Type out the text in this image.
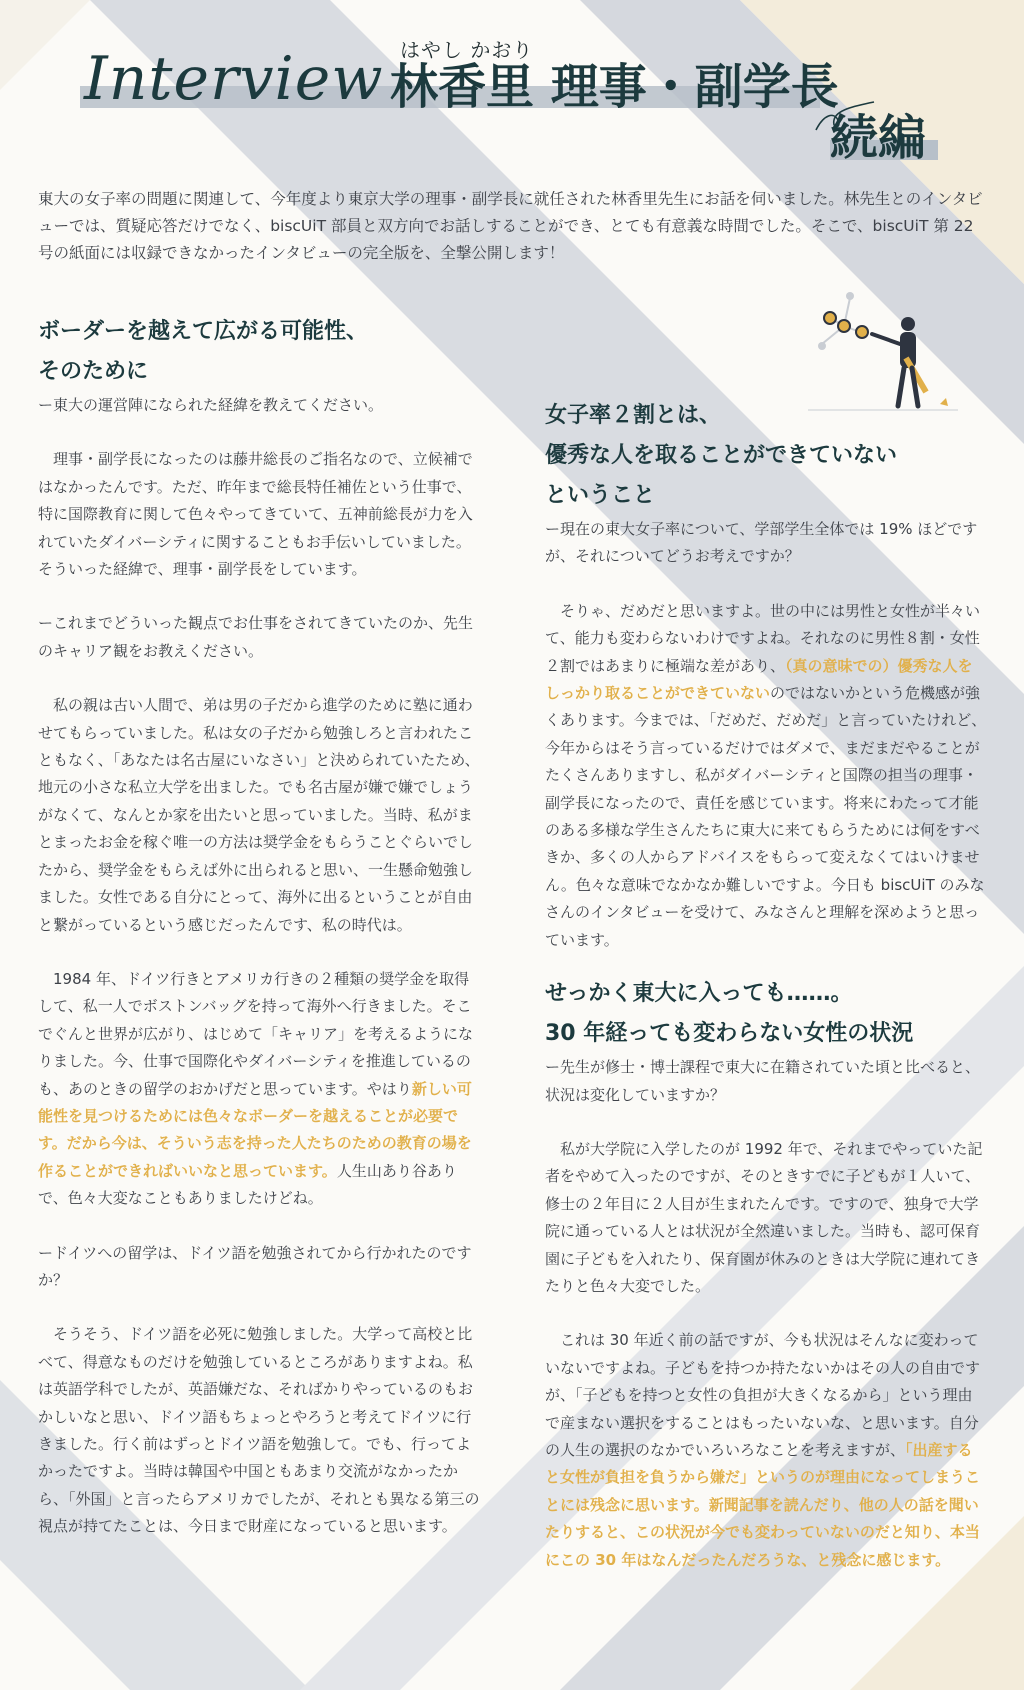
Interview はやし かおり
林香里 理事・副学長
続編
東大の女子率の問題に関連して、今年度より東京大学の理事・副学長に就任された林香里先生にお話を伺いました。林先生とのインタビューでは、質疑応答だけでなく、biscUiT 部員と双方向でお話しすることができ、とても有意義な時間でした。そこで、biscUiT 第 22号の紙面には収録できなかったインタビューの完全版を、全撃公開します！

ボーダーを越えて広がる可能性、

そのために

ー東大の運営陣になられた経緯を教えてください。

理事・副学長になったのは藤井総長のご指名なので、立候補ではなかったんです。ただ、昨年まで総長特任補佐という仕事で、特に国際教育に関して色々やってきていて、五神前総長が力を入れていたダイバーシティに関することもお手伝いしていました。そういった経緯で、理事・副学長をしています。

ーこれまでどういった観点でお仕事をされてきていたのか、先生のキャリア観をお教えください。

私の親は古い人間で、弟は男の子だから進学のために塾に通わせてもらっていました。私は女の子だから勉強しろと言われたこともなく、「あなたは名古屋にいなさい」と決められていたため、地元の小さな私立大学を出ました。でも名古屋が嫌で嫌でしょうがなくて、なんとか家を出たいと思っていました。当時、私がまとまったお金を稼ぐ唯一の方法は奨学金をもらうことぐらいでしたから、奨学金をもらえば外に出られると思い、一生懸命勉強しました。女性である自分にとって、海外に出るということが自由と繋がっているという感じだったんです、私の時代は。

1984 年、ドイツ行きとアメリカ行きの２種類の奨学金を取得して、私一人でボストンバッグを持って海外へ行きました。そこでぐんと世界が広がり、はじめて「キャリア」を考えるようになりました。今、仕事で国際化やダイバーシティを推進しているのも、あのときの留学のおかげだと思っています。やはり新しい可能性を見つけるためには色々なボーダーを越えることが必要です。だから今は、そういう志を持った人たちのための教育の場を作ることができればいいなと思っています。人生山あり谷ありで、色々大変なこともありましたけどね。

ードイツへの留学は、ドイツ語を勉強されてから行かれたのですか？

そうそう、ドイツ語を必死に勉強しました。大学って高校と比べて、得意なものだけを勉強しているところがありますよね。私は英語学科でしたが、英語嫌だな、そればかりやっているのもおかしいなと思い、ドイツ語もちょっとやろうと考えてドイツに行きました。行く前はずっとドイツ語を勉強して。でも、行ってよかったですよ。当時は韓国や中国ともあまり交流がなかったから、「外国」と言ったらアメリカでしたが、それとも異なる第三の視点が持てたことは、今日まで財産になっていると思います。

女子率２割とは、

優秀な人を取ることができていない

ということ

ー現在の東大女子率について、学部学生全体では 19% ほどですが、それについてどうお考えですか？

そりゃ、だめだと思いますよ。世の中には男性と女性が半々いて、能力も変わらないわけですよね。それなのに男性８割・女性２割ではあまりに極端な差があり、（真の意味での）優秀な人をしっかり取ることができていないのではないかという危機感が強くあります。今までは、「だめだ、だめだ」と言っていたけれど、今年からはそう言っているだけではダメで、まだまだやることがたくさんありますし、私がダイバーシティと国際の担当の理事・副学長になったので、責任を感じています。将来にわたって才能のある多様な学生さんたちに東大に来てもらうためには何をすべきか、多くの人からアドバイスをもらって変えなくてはいけません。色々な意味でなかなか難しいですよ。今日も biscUiT のみなさんのインタビューを受けて、みなさんと理解を深めようと思っています。

せっかく東大に入っても……。

30 年経っても変わらない女性の状況

ー先生が修士・博士課程で東大に在籍されていた頃と比べると、状況は変化していますか？

私が大学院に入学したのが 1992 年で、それまでやっていた記者をやめて入ったのですが、そのときすでに子どもが１人いて、修士の２年目に２人目が生まれたんです。ですので、独身で大学院に通っている人とは状況が全然違いました。当時も、認可保育園に子どもを入れたり、保育園が休みのときは大学院に連れてきたりと色々大変でした。

これは 30 年近く前の話ですが、今も状況はそんなに変わっていないですよね。子どもを持つか持たないかはその人の自由ですが、「子どもを持つと女性の負担が大きくなるから」という理由で産まない選択をすることはもったいないな、と思います。自分の人生の選択のなかでいろいろなことを考えますが、「出産すると女性が負担を負うから嫌だ」というのが理由になってしまうことには残念に思います。新聞記事を読んだり、他の人の話を聞いたりすると、この状況が今でも変わっていないのだと知り、本当にこの 30 年はなんだったんだろうな、と残念に感じます。
